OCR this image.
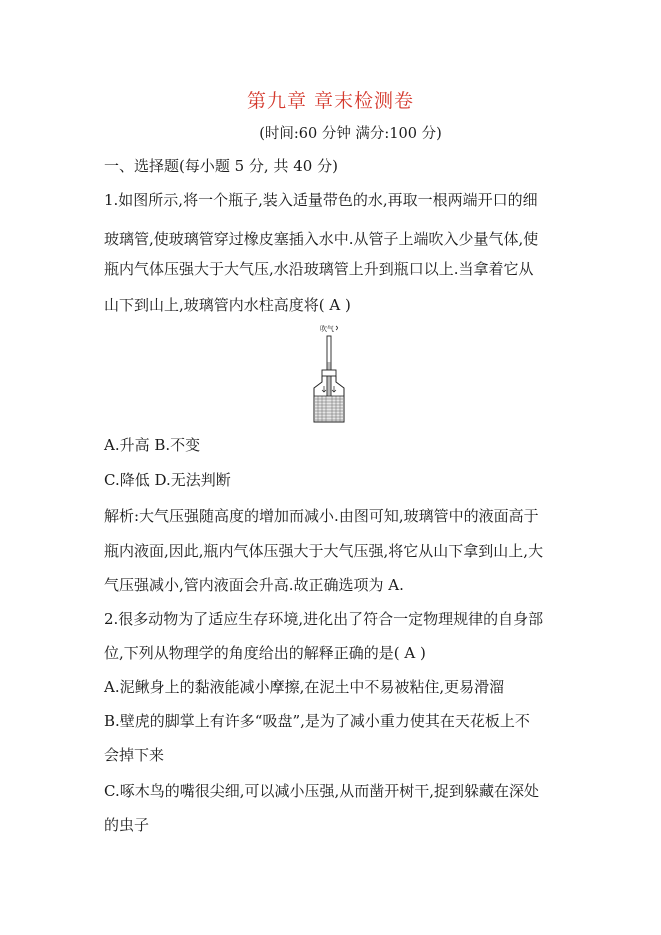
第九章 章末检测卷
(时间:60 分钟 满分:100 分)
一、选择题(每小题 5 分, 共 40 分)
1.如图所示,将一个瓶子,装入适量带色的水,再取一根两端开口的细
玻璃管,使玻璃管穿过橡皮塞插入水中.从管子上端吹入少量气体,使
瓶内气体压强大于大气压,水沿玻璃管上升到瓶口以上.当拿着它从
山下到山上,玻璃管内水柱高度将( A )
吹气
A.升高 B.不变
C.降低 D.无法判断
解析:大气压强随高度的增加而减小.由图可知,玻璃管中的液面高于
瓶内液面,因此,瓶内气体压强大于大气压强,将它从山下拿到山上,大
气压强减小,管内液面会升高.故正确选项为 A.
2.很多动物为了适应生存环境,进化出了符合一定物理规律的自身部
位,下列从物理学的角度给出的解释正确的是( A )
A.泥鳅身上的黏液能减小摩擦,在泥土中不易被粘住,更易滑溜
B.壁虎的脚掌上有许多“吸盘”,是为了减小重力使其在天花板上不
会掉下来
C.啄木鸟的嘴很尖细,可以减小压强,从而凿开树干,捉到躲藏在深处
的虫子
